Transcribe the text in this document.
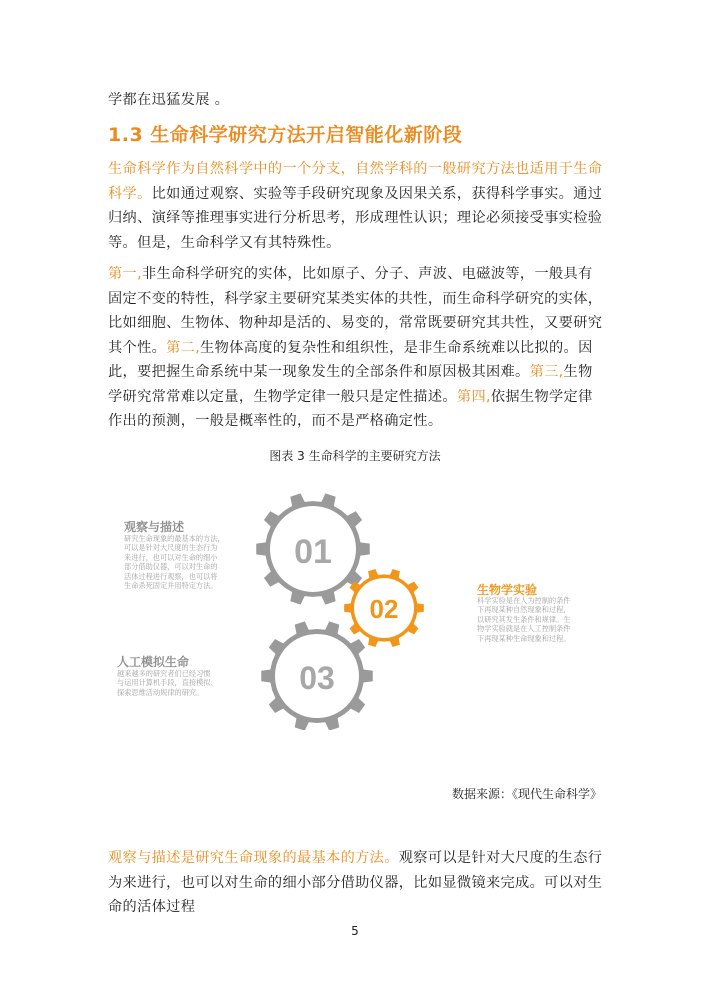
学都在迅猛发展 。
1.3 生命科学研究方法开启智能化新阶段
生命科学作为自然科学中的一个分支，自然学科的一般研究方法也适用于生命科学。比如通过观察、实验等手段研究现象及因果关系，获得科学事实。通过归纳、演绎等推理事实进行分析思考，形成理性认识；理论必须接受事实检验等。但是，生命科学又有其特殊性。
第一,非生命科学研究的实体，比如原子、分子、声波、电磁波等，一般具有固定不变的特性，科学家主要研究某类实体的共性，而生命科学研究的实体，比如细胞、生物体、物种却是活的、易变的，常常既要研究其共性，又要研究其个性。第二,生物体高度的复杂性和组织性，是非生命系统难以比拟的。因此，要把握生命系统中某一现象发生的全部条件和原因极其困难。第三,生物学研究常常难以定量，生物学定律一般只是定性描述。第四,依据生物学定律作出的预测，一般是概率性的，而不是严格确定性。
图表 3 生命科学的主要研究方法
01
02
03
观察与描述
研究生命现象的最基本的方法，
可以是针对大尺度的生态行为
来进行，也可以对生命的细小
部分借助仪器，可以对生命的
活体过程进行观察，也可以将
生命杀死固定并用特定方法。	生物学实验
科学实验是在人为控制的条件
下再现某种自然现象和过程，
以研究其发生条件和规律。生
物学实验就是在人工控制条件
下再现某种生命现象和过程。
人工模拟生命
越来越多的研究者们已经习惯
与运用计算机手段，直接模拟、
探索思维活动规律的研究。
数据来源：《现代生命科学》
观察与描述是研究生命现象的最基本的方法。观察可以是针对大尺度的生态行为来进行，也可以对生命的细小部分借助仪器，比如显微镜来完成。可以对生命的活体过程
5
